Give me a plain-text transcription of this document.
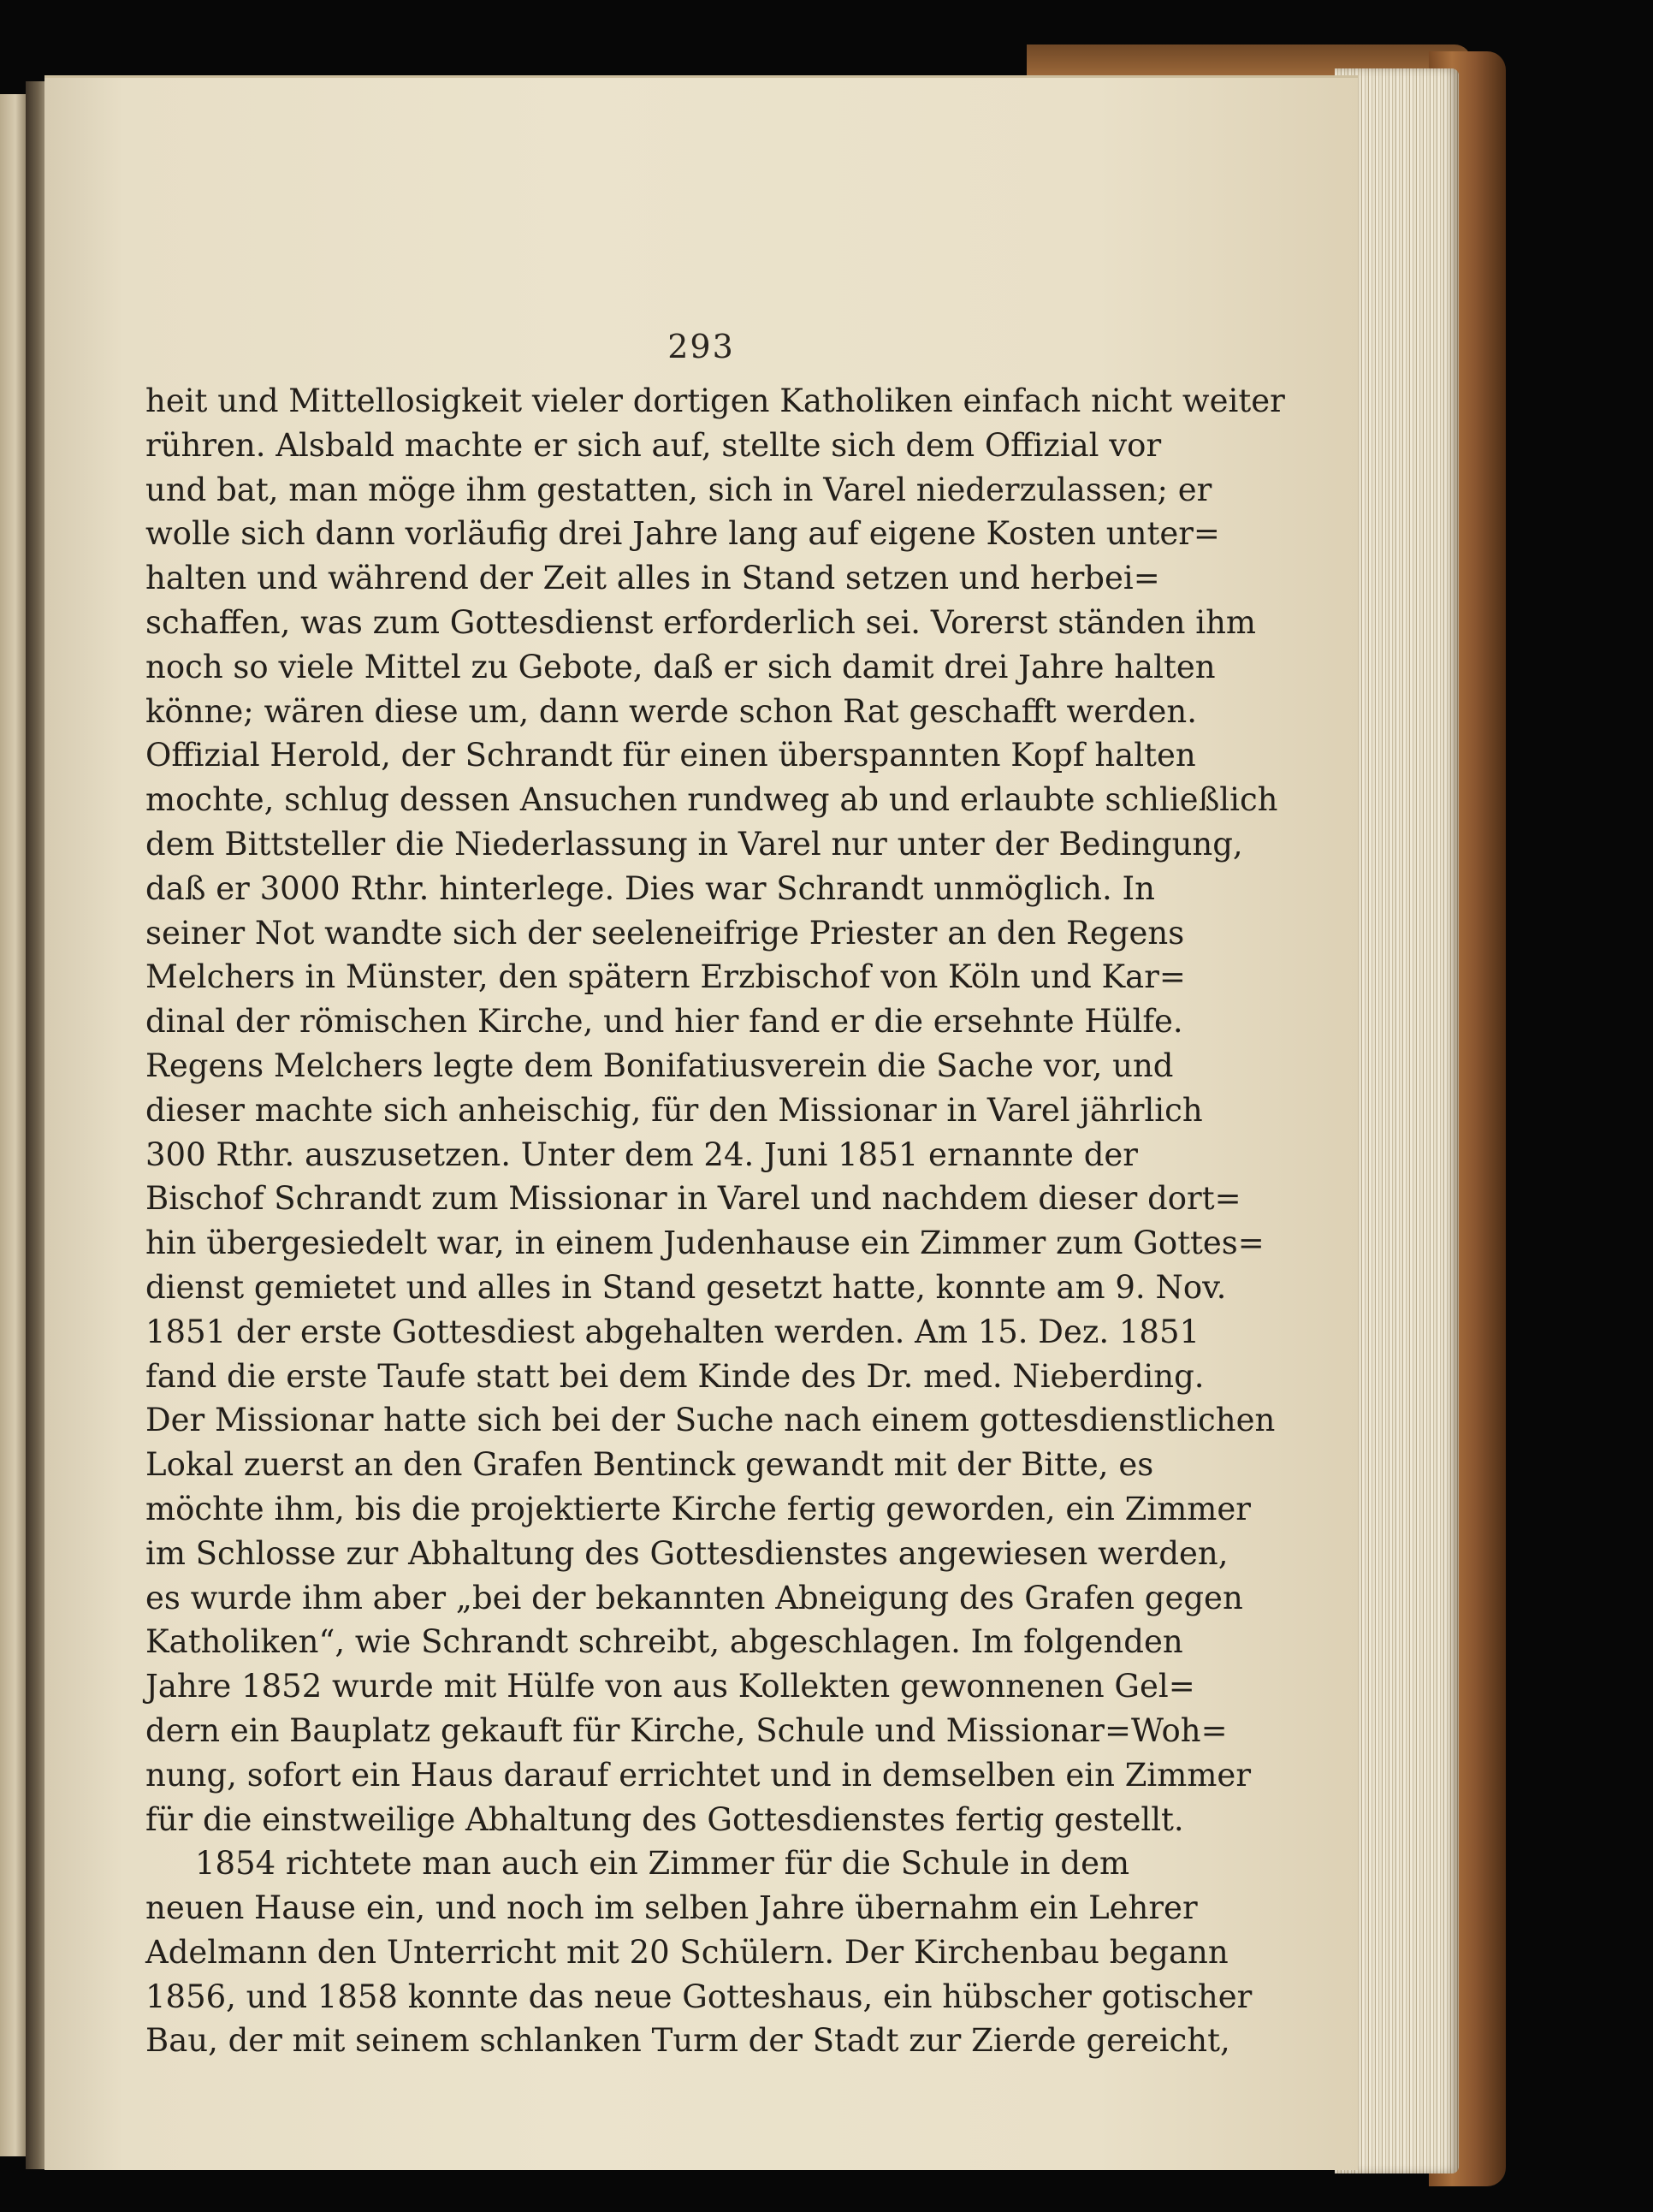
293
heit und Mittellosigkeit vieler dortigen Katholiken einfach nicht weiter
rühren. Alsbald machte er sich auf, stellte sich dem Offizial vor
und bat, man möge ihm gestatten, sich in Varel niederzulassen; er
wolle sich dann vorläufig drei Jahre lang auf eigene Kosten unter=
halten und während der Zeit alles in Stand setzen und herbei=
schaffen, was zum Gottesdienst erforderlich sei. Vorerst ständen ihm
noch so viele Mittel zu Gebote, daß er sich damit drei Jahre halten
könne; wären diese um, dann werde schon Rat geschafft werden.
Offizial Herold, der Schrandt für einen überspannten Kopf halten
mochte, schlug dessen Ansuchen rundweg ab und erlaubte schließlich
dem Bittsteller die Niederlassung in Varel nur unter der Bedingung,
daß er 3000 Rthr. hinterlege. Dies war Schrandt unmöglich. In
seiner Not wandte sich der seeleneifrige Priester an den Regens
Melchers in Münster, den spätern Erzbischof von Köln und Kar=
dinal der römischen Kirche, und hier fand er die ersehnte Hülfe.
Regens Melchers legte dem Bonifatiusverein die Sache vor, und
dieser machte sich anheischig, für den Missionar in Varel jährlich
300 Rthr. auszusetzen. Unter dem 24. Juni 1851 ernannte der
Bischof Schrandt zum Missionar in Varel und nachdem dieser dort=
hin übergesiedelt war, in einem Judenhause ein Zimmer zum Gottes=
dienst gemietet und alles in Stand gesetzt hatte, konnte am 9. Nov.
1851 der erste Gottesdiest abgehalten werden. Am 15. Dez. 1851
fand die erste Taufe statt bei dem Kinde des Dr. med. Nieberding.
Der Missionar hatte sich bei der Suche nach einem gottesdienstlichen
Lokal zuerst an den Grafen Bentinck gewandt mit der Bitte, es
möchte ihm, bis die projektierte Kirche fertig geworden, ein Zimmer
im Schlosse zur Abhaltung des Gottesdienstes angewiesen werden,
es wurde ihm aber „bei der bekannten Abneigung des Grafen gegen
Katholiken“, wie Schrandt schreibt, abgeschlagen. Im folgenden
Jahre 1852 wurde mit Hülfe von aus Kollekten gewonnenen Gel=
dern ein Bauplatz gekauft für Kirche, Schule und Missionar=Woh=
nung, sofort ein Haus darauf errichtet und in demselben ein Zimmer
für die einstweilige Abhaltung des Gottesdienstes fertig gestellt.
1854 richtete man auch ein Zimmer für die Schule in dem
neuen Hause ein, und noch im selben Jahre übernahm ein Lehrer
Adelmann den Unterricht mit 20 Schülern. Der Kirchenbau begann
1856, und 1858 konnte das neue Gotteshaus, ein hübscher gotischer
Bau, der mit seinem schlanken Turm der Stadt zur Zierde gereicht,
